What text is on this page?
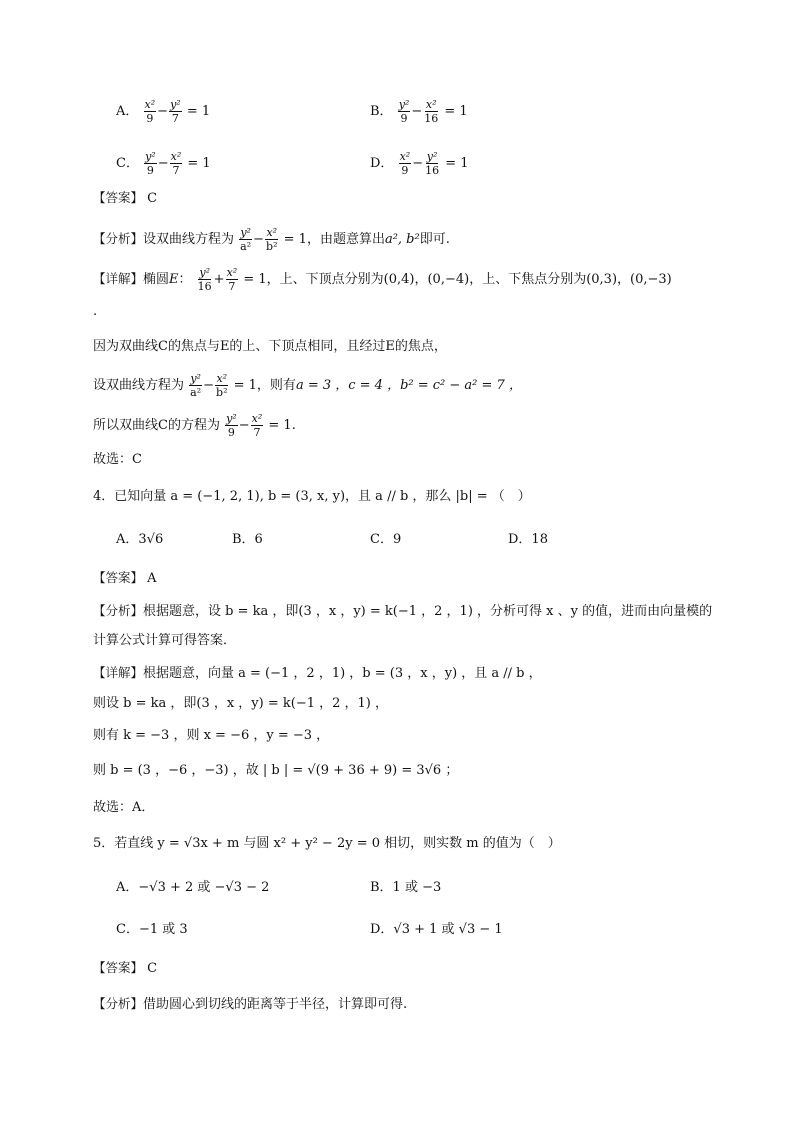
A． $\frac{\text{x²}}{9} - \frac{\text{y²}}{7} = 1$	B． $\frac{\text{y²}}{9} - \frac{\text{x²}}{16} = 1$
C． $\frac{\text{y²}}{9} - \frac{\text{x²}}{7} = 1$	D． $\frac{\text{x²}}{9} - \frac{\text{y²}}{16} = 1$
【答案】 C
【分析】设双曲线方程为 $\frac{\text{y²}}{\text{a²}} - \frac{\text{x²}}{\text{b²}} = 1$，由题意算出a², b²即可.
【详解】椭圆E： $\frac{\text{y²}}{16} + \frac{\text{x²}}{7} = 1$，上、下顶点分别为(0,4)，(0,−4)，上、下焦点分别为(0,3)，(0,−3)
.
因为双曲线C的焦点与E的上、下顶点相同，且经过E的焦点，
设双曲线方程为 $\frac{\text{y²}}{\text{a²}} - \frac{\text{x²}}{\text{b²}} = 1$，则有a = 3 ，c = 4 ，b² = c² − a² = 7 ，
所以双曲线C的方程为 $\frac{\text{y²}}{9} - \frac{\text{x²}}{7} = 1$.
故选：C
4．已知向量 a = (−1, 2, 1), b = (3, x, y)，且 a // b ，那么 |b| = （　）
A．3√6	B．6	C．9	D．18
【答案】 A
【分析】根据题意，设 b = ka ，即(3 ，x ，y) = k(−1 ，2 ，1) ，分析可得 x 、y 的值，进而由向量模的
计算公式计算可得答案．
【详解】根据题意，向量 a = (−1 ，2 ，1) ，b = (3 ，x ，y) ，且 a // b ，
则设 b = ka ，即(3 ，x ，y) = k(−1 ，2 ，1) ，
则有 k = −3 ，则 x = −6 ，y = −3 ，
则 b = (3 ，−6 ，−3) ，故 | b | = √(9 + 36 + 9) = 3√6 ；
故选：A．
5．若直线 y = √3x + m 与圆 x² + y² − 2y = 0 相切，则实数 m 的值为（　）
A．−√3 + 2 或 −√3 − 2	B．1 或 −3
C．−1 或 3	D．√3 + 1 或 √3 − 1
【答案】 C
【分析】借助圆心到切线的距离等于半径，计算即可得.
